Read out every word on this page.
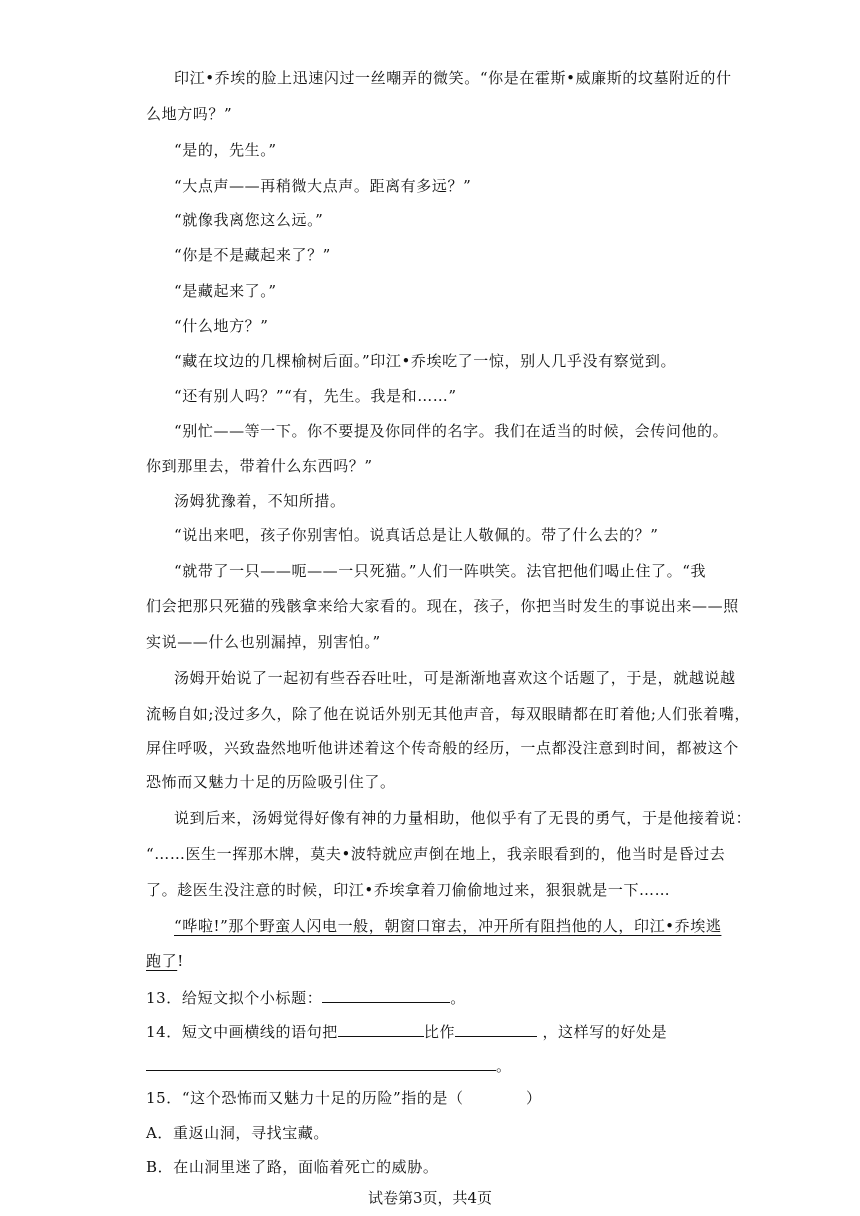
印江•乔埃的脸上迅速闪过一丝嘲弄的微笑。“你是在霍斯•威廉斯的坟墓附近的什
么地方吗？”
“是的，先生。”
“大点声——再稍微大点声。距离有多远？”
“就像我离您这么远。”
“你是不是藏起来了？”
“是藏起来了。”
“什么地方？”
“藏在坟边的几棵榆树后面。”印江•乔埃吃了一惊，别人几乎没有察觉到。
“还有别人吗？”“有，先生。我是和……”
“别忙——等一下。你不要提及你同伴的名字。我们在适当的时候，会传问他的。
你到那里去，带着什么东西吗？”
汤姆犹豫着，不知所措。
“说出来吧，孩子你别害怕。说真话总是让人敬佩的。带了什么去的？”
“就带了一只——呃——一只死猫。”人们一阵哄笑。法官把他们喝止住了。“我
们会把那只死猫的残骸拿来给大家看的。现在，孩子，你把当时发生的事说出来——照
实说——什么也别漏掉，别害怕。”
汤姆开始说了一起初有些吞吞吐吐，可是渐渐地喜欢这个话题了，于是，就越说越
流畅自如;没过多久，除了他在说话外别无其他声音，每双眼睛都在盯着他;人们张着嘴，
屏住呼吸，兴致盎然地听他讲述着这个传奇般的经历，一点都没注意到时间，都被这个
恐怖而又魅力十足的历险吸引住了。
说到后来，汤姆觉得好像有神的力量相助，他似乎有了无畏的勇气，于是他接着说：
“……医生一挥那木牌，莫夫•波特就应声倒在地上，我亲眼看到的，他当时是昏过去
了。趁医生没注意的时候，印江•乔埃拿着刀偷偷地过来，狠狠就是一下……
“哗啦!”那个野蛮人闪电一般，朝窗口窜去，冲开所有阻挡他的人，印江•乔埃逃
跑了!
13．给短文拟个小标题：	。
14．短文中画横线的语句把	比作	，这样写的好处是
。
15．“这个恐怖而又魅力十足的历险”指的是（　　　　）
A．重返山洞，寻找宝藏。
B．在山洞里迷了路，面临着死亡的威胁。
试卷第3页，共4页
